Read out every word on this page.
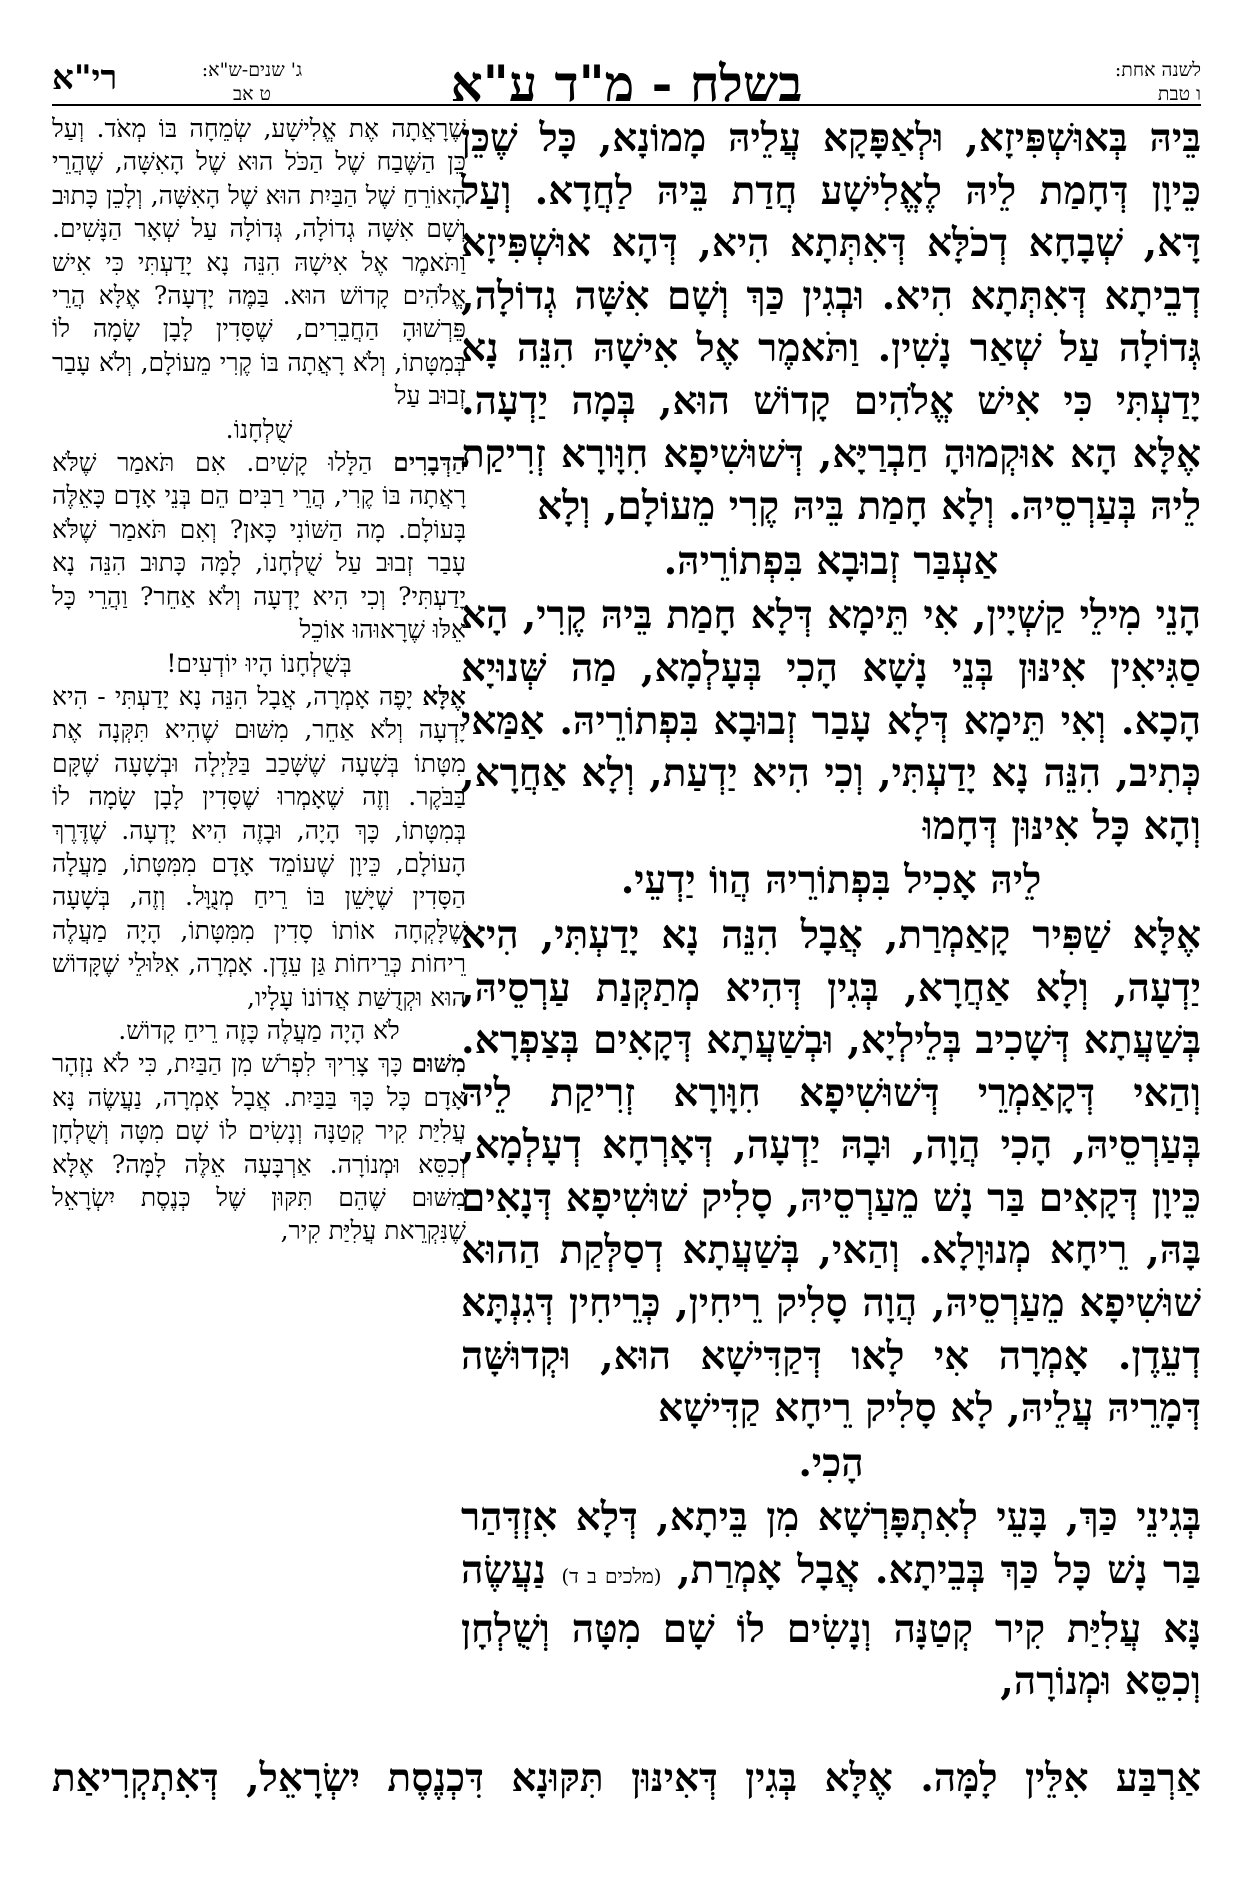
לשנה אחת:
ו טבת
בשלח - מ"ד ע"א
ג' שנים-ש"א:
ט אב
רי"א

בֵּיהּ בְּאוּשְׁפִּיזָא, וּלְאַפָּקָא עֲלֵיהּ מָמוֹנָא, כָּל שֶׁכֵּן כֵּיוָן דְּחָמַת לֵיהּ לֶאֱלִישָׁע חֲדַת בֵּיהּ לַחֲדָא. וְעַל דָּא, שְׁבָחָא דְכֹלָּא דְּאִתְּתָא הִיא, דְּהָא אוּשְׁפִּיזָא דְבֵיתָא דְּאִתְּתָא הִיא. וּבְגִין כַּךְ וְשָׁם אִשָּׁה גְדוֹלָה, גְּדוֹלָה עַל שְׁאַר נָשִׁין. וַתֹּאמֶר אֶל אִישָׁהּ הִנֵּה נָא יָדַעְתִּי כִּי אִישׁ אֱלֹהִים קָדוֹשׁ הוּא, בְּמָה יַדְעָה. אֶלָּא הָא אוּקְמוּהָ חַבְרַיָּא, דְּשׁוּשִׁיפָא חִוָּורָא זְרִיקַת לֵיהּ בְּעַרְסֵיהּ. וְלָא חָמַת בֵּיהּ קֶרִי מֵעוֹלָם, וְלָא

אַעְבַּר זְבוּבָא בִּפְתוֹרֵיהּ.

הָנֵי מִילֵי קַשְׁיָין, אִי תֵּימָא דְּלָא חָמַת בֵּיהּ קֶרִי, הָא סַגִּיאִין אִינּוּן בְּנֵי נָשָׁא הָכִי בְּעָלְמָא, מַה שְּׁנוּיָא הָכָא. וְאִי תֵּימָא דְּלָא עָבַר זְבוּבָא בִּפְתוֹרֵיהּ. אַמַּאי כְּתִיב, הִנֵּה נָא יָדַעְתִּי, וְכִי הִיא יַדְעַת, וְלָא אַחֲרָא, וְהָא כָּל אִינּוּן דְּחָמוּ

לֵיהּ אָכִיל בִּפְתוֹרֵיהּ הֲווֹ יַדְעֵי.

אֶלָּא שַׁפִּיר קָאַמְרַת, אֲבָל הִנֵּה נָא יָדַעְתִּי, הִיא יַדְעָה, וְלָא אַחֲרָא, בְּגִין דְּהִיא מְתַקְּנַת עַרְסֵיהּ, בְּשַׁעֲתָא דְּשָׁכִיב בְּלֵילְיָא, וּבְשַׁעֲתָא דְּקָאִים בְּצַפְרָא. וְהַאי דְּקָאַמְרֵי דְּשׁוּשִׁיפָא חִוָּורָא זְרִיקַת לֵיהּ בְּעַרְסֵיהּ, הָכִי הֲוָה, וּבָהּ יַדְעָה, דְּאָרְחָא דְעָלְמָא, כֵּיוָן דְּקָאִים בַּר נָשׁ מֵעַרְסֵיהּ, סָלִיק שׁוּשִׁיפָא דְּנָאִים בָּהּ, רֵיחָא מְנוּוָלָא. וְהַאי, בְּשַׁעֲתָא דְסַלְּקַת הַהוּא שׁוּשִׁיפָא מֵעַרְסֵיהּ, הֲוָה סָלִיק רֵיחִין, כְּרֵיחִין דְּגִנְתָּא דְעֵדֶן. אָמְרָה אִי לָאו דְּקַדִּישָׁא הוּא, וּקְדוּשָּׁה דְּמָרֵיהּ עֲלֵיהּ, לָא סָלִיק רֵיחָא קַדִּישָׁא

הָכִי.

בְּגִינֵי כַּךְ, בָּעֵי לְאִתְפָּרְשָׁא מִן בֵּיתָא, דְּלָא אִזְדְּהַר בַּר נָשׁ כָּל כַּךְ בְּבֵיתָא. אֲבָל אָמְרַת, (מלכים ב ד) נַעֲשֶׂה נָּא עֲלִיַּת קִיר קְטַנָּה וְנָשִׂים לוֹ שָׁם מִטָּה וְשֻׁלְחָן וְכִסֵּא וּמְנוֹרָה,

שֶׁרָאֲתָה אֶת אֱלִישָׁע, שְׂמֵחָה בּוֹ מְאֹד. וְעַל כֵּן הַשֶּׁבַח שֶׁל הַכֹּל הוּא שֶׁל הָאִשָּׁה, שֶׁהֲרֵי הָאוֹרֵחַ שֶׁל הַבַּיִת הוּא שֶׁל הָאִשָּׁה, וְלָכֵן כָּתוּב וְשָׁם אִשָּׁה גְדוֹלָה, גְּדוֹלָה עַל שְׁאָר הַנָּשִׁים. וַתֹּאמֶר אֶל אִישָׁהּ הִנֵּה נָא יָדַעְתִּי כִּי אִישׁ אֱלֹהִים קָדוֹשׁ הוּא. בַּמֶּה יָדְעָה? אֶלָּא הֲרֵי פֵּרְשׁוּהָ הַחֲבֵרִים, שֶׁסָּדִין לָבָן שָׂמָה לוֹ בְּמִטָּתוֹ, וְלֹא רָאֲתָה בּוֹ קֶרִי מֵעוֹלָם, וְלֹא עָבַר זְבוּב עַל

שֻׁלְחָנוֹ.

הַדְּבָרִים הַלָּלוּ קָשִׁים. אִם תֹּאמַר שֶׁלֹּא רָאֲתָה בּוֹ קֶרִי, הֲרֵי רַבִּים הֵם בְּנֵי אָדָם כָּאֵלֶּה בָּעוֹלָם. מָה הַשּׁוֹנִי כָּאן? וְאִם תֹּאמַר שֶׁלֹּא עָבַר זְבוּב עַל שֻׁלְחָנוֹ, לָמָּה כָּתוּב הִנֵּה נָא יָדַעְתִּי? וְכִי הִיא יָדְעָה וְלֹא אַחֵר? וַהֲרֵי כָּל אֵלּוּ שֶׁרָאוּהוּ אוֹכֵל

בְּשֻׁלְחָנוֹ הָיוּ יוֹדְעִים!

אֶלָּא יָפֶה אָמְרָה, אֲבָל הִנֵּה נָא יָדַעְתִּי - הִיא יָדְעָה וְלֹא אַחֵר, מִשּׁוּם שֶׁהִיא תִּקְּנָה אֶת מִטָּתוֹ בְּשָׁעָה שֶׁשָּׁכַב בַּלַּיְלָה וּבְשָׁעָה שֶׁקָּם בַּבֹּקֶר. וְזֶה שֶׁאָמְרוּ שֶׁסָּדִין לָבָן שָׂמָה לוֹ בְּמִטָּתוֹ, כָּךְ הָיָה, וּבָזֶה הִיא יָדְעָה. שֶׁדֶּרֶךְ הָעוֹלָם, כֵּיוָן שֶׁעוֹמֵד אָדָם מִמִּטָּתוֹ, מַעֲלָה הַסָּדִין שֶׁיָּשֵׁן בּוֹ רֵיחַ מְנֻוָּל. וְזֶה, בְּשָׁעָה שֶׁלָּקְחָה אוֹתוֹ סָדִין מִמִּטָּתוֹ, הָיָה מַעֲלֶה רֵיחוֹת כְּרֵיחוֹת גַּן עֵדֶן. אָמְרָה, אִלּוּלֵי שֶׁקָּדוֹשׁ הוּא וּקְדֻשַּׁת אֲדוֹנוֹ עָלָיו,

לֹא הָיָה מַעֲלֶה כָּזֶה רֵיחַ קָדוֹשׁ.

מִשּׁוּם כָּךְ צָרִיךְ לִפְרֹשׁ מִן הַבַּיִת, כִּי לֹא נִזְהָר אָדָם כָּל כָּךְ בַּבַּיִת. אֲבָל אָמְרָה, נַעֲשֶׂה נָּא עֲלִיַּת קִיר קְטַנָּה וְנָשִׂים לוֹ שָׁם מִטָּה וְשֻׁלְחָן וְכִסֵּא וּמְנוֹרָה. אַרְבָּעָה אֵלֶּה לָמָּה? אֶלָּא מִשּׁוּם שֶׁהֵם תִּקּוּן שֶׁל כְּנֶסֶת יִשְׂרָאֵל שֶׁנִּקְרֵאת עֲלִיַּת קִיר,

אַרְבַּע אִלֵּין לָמָּה. אֶלָּא בְּגִין דְּאִינּוּן תִּקּוּנָא דִּכְנֶסֶת יִשְׂרָאֵל, דְּאִתְקְרִיאַת
